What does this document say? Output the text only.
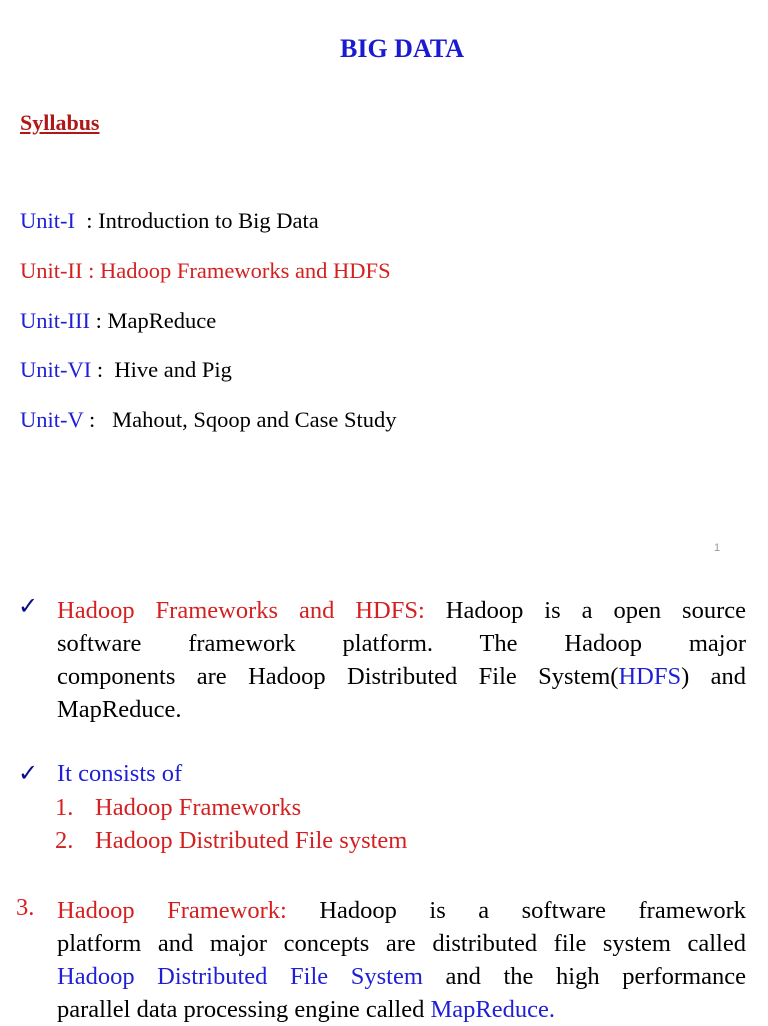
BIG DATA
Syllabus
Unit-I  : Introduction to Big Data
Unit-II : Hadoop Frameworks and HDFS
Unit-III : MapReduce
Unit-VI :  Hive and Pig
Unit-V :   Mahout, Sqoop and Case Study
1
✓ Hadoop Frameworks and HDFS: Hadoop is a open source
software framework platform. The Hadoop major
components are Hadoop Distributed File System(HDFS) and
MapReduce.
✓ It consists of
1. Hadoop Frameworks
2. Hadoop Distributed File system
3. Hadoop Framework: Hadoop is a software framework
platform and major concepts are distributed file system called
Hadoop Distributed File System and the high performance
parallel data processing engine called MapReduce.
